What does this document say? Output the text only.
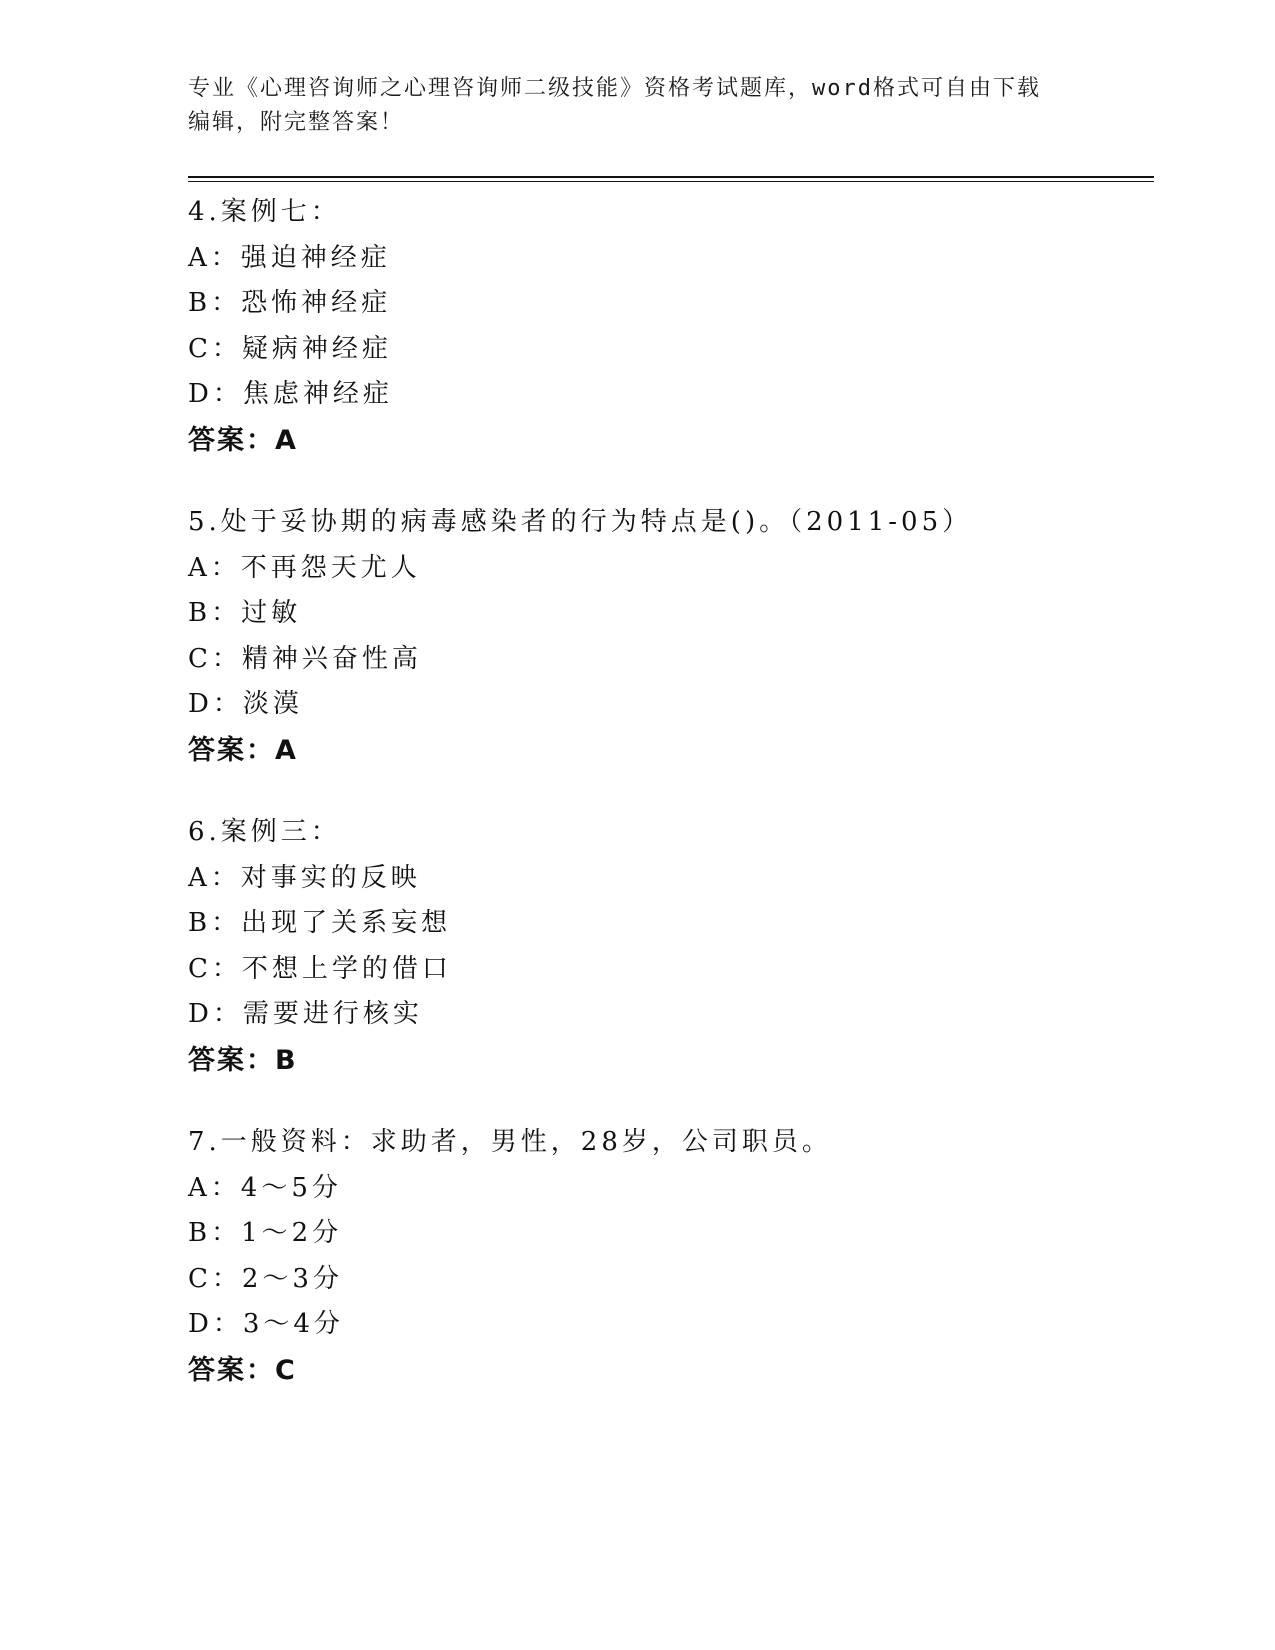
专业《心理咨询师之心理咨询师二级技能》资格考试题库，word格式可自由下载
编辑，附完整答案！
4.案例七：
A：强迫神经症
B：恐怖神经症
C：疑病神经症
D：焦虑神经症
答案：A
5.处于妥协期的病毒感染者的行为特点是()。（2011-05）
A：不再怨天尤人
B：过敏
C：精神兴奋性高
D：淡漠
答案：A
6.案例三：
A：对事实的反映
B：出现了关系妄想
C：不想上学的借口
D：需要进行核实
答案：B
7.一般资料：求助者，男性，28岁，公司职员。
A：4～5分
B：1～2分
C：2～3分
D：3～4分
答案：C
